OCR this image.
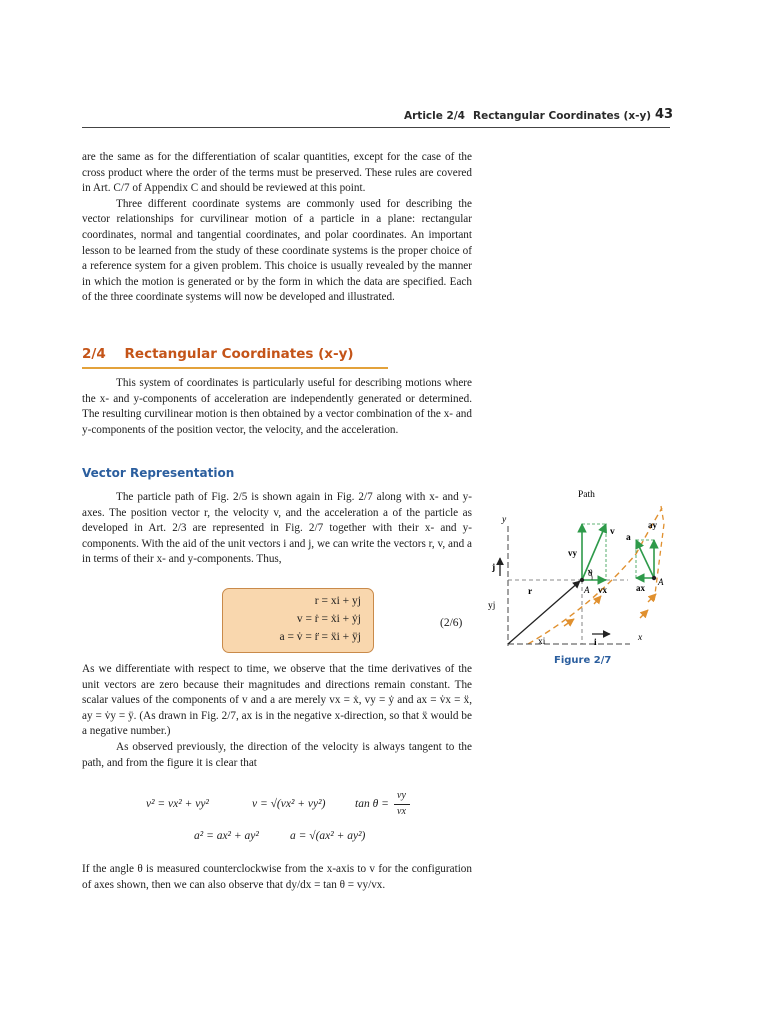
Article 2/4 Rectangular Coordinates (x-y) 43

are the same as for the differentiation of scalar quantities, except for the case of the cross product where the order of the terms must be preserved. These rules are covered in Art. C/7 of Appendix C and should be reviewed at this point.

Three different coordinate systems are commonly used for describing the vector relationships for curvilinear motion of a particle in a plane: rectangular coordinates, normal and tangential coordinates, and polar coordinates. An important lesson to be learned from the study of these coordinate systems is the proper choice of a reference system for a given problem. This choice is usually revealed by the manner in which the motion is generated or by the form in which the data are specified. Each of the three coordinate systems will now be developed and illustrated.

2/4 Rectangular Coordinates (x-y)

This system of coordinates is particularly useful for describing motions where the x- and y-components of acceleration are independently generated or determined. The resulting curvilinear motion is then obtained by a vector combination of the x- and y-components of the position vector, the velocity, and the acceleration.

Vector Representation

The particle path of Fig. 2/5 is shown again in Fig. 2/7 along with x- and y-axes. The position vector r, the velocity v, and the acceleration a of the particle as developed in Art. 2/3 are represented in Fig. 2/7 together with their x- and y-components. With the aid of the unit vectors i and j, we can write the vectors r, v, and a in terms of their x- and y-components. Thus,

r = xi + yj
v = ṙ = ẋi + ẏj
a = v̇ = r̈ = ẍi + ÿj
(2/6)

As we differentiate with respect to time, we observe that the time derivatives of the unit vectors are zero because their magnitudes and directions remain constant. The scalar values of the components of v and a are merely vx = ẋ, vy = ẏ and ax = v̇x = ẍ, ay = v̇y = ÿ. (As drawn in Fig. 2/7, ax is in the negative x-direction, so that ẍ would be a negative number.)

As observed previously, the direction of the velocity is always tangent to the path, and from the figure it is clear that

v² = vx² + vy²	v = √(vx² + vy²)	tan θ =
vy
vx
a² = ax² + ay²	a = √(ax² + ay²)

If the angle θ is measured counterclockwise from the x-axis to v for the configuration of axes shown, then we can also observe that dy/dx = tan θ = vy/vx.

Path
y
x
j
i
yj
xi
r
v
vy
vx
θ
A
A
a
ay
ax
Figure 2/7
